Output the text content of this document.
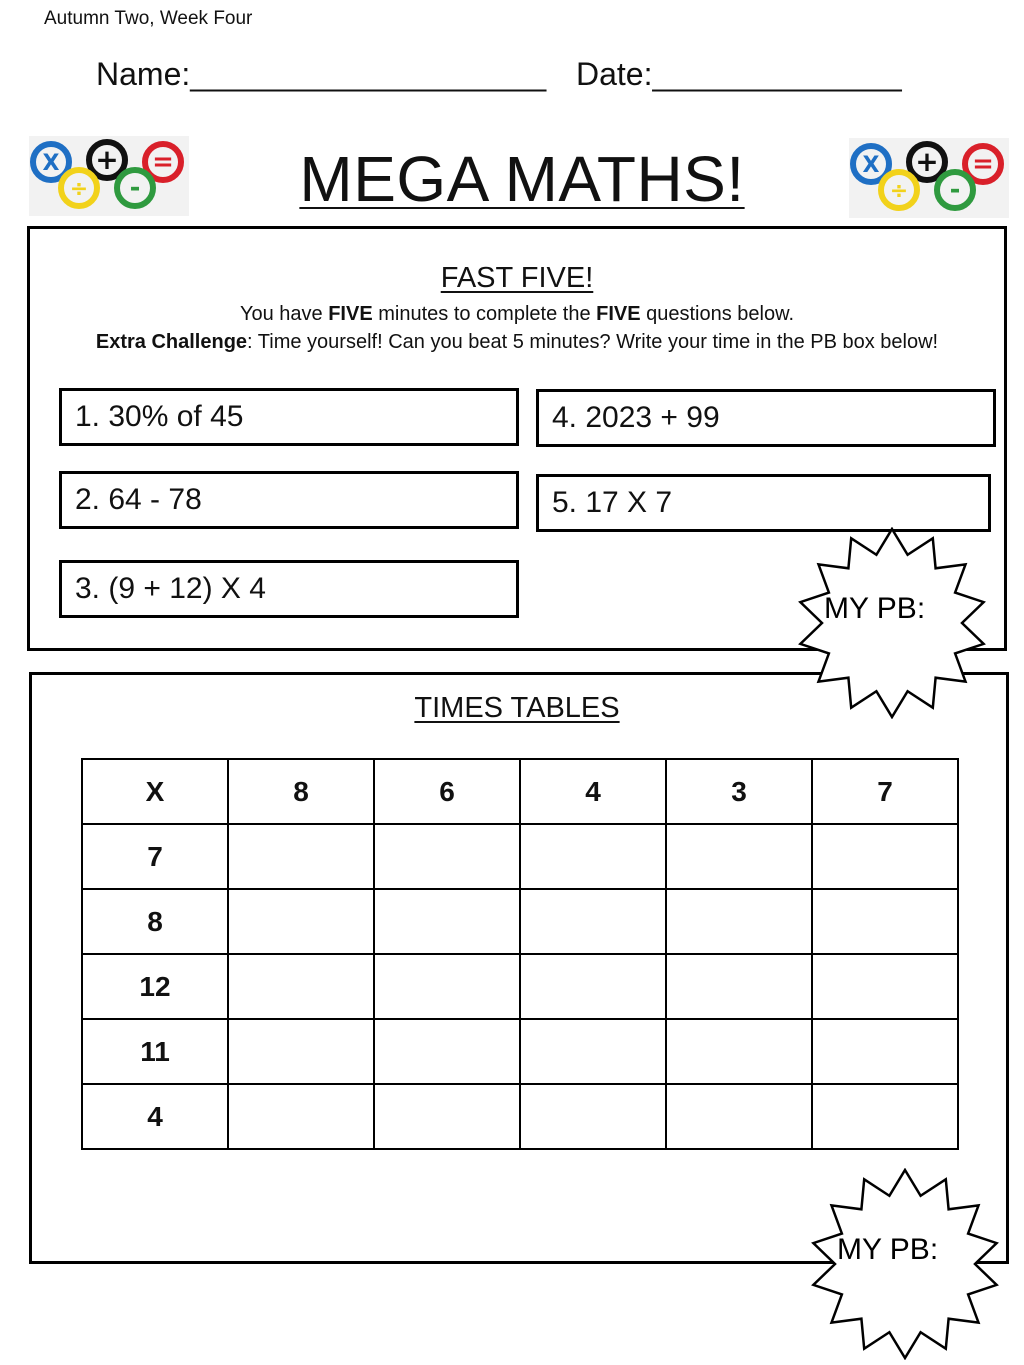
Autumn Two, Week Four
Name:____________________ Date:______________
MEGA MATHS!
X
÷
+
-
=	X
÷
+
-
=
FAST FIVE!
You have FIVE minutes to complete the FIVE questions below.
Extra Challenge: Time yourself! Can you beat 5 minutes? Write your time in the PB box below!
1. 30% of 45
2. 64 - 78
3. (9 + 12) X 4
4. 2023 + 99
5. 17 X 7
TIMES TABLES
X	8	6	4	3	7
7					
8					
12					
11					
4					
MY PB:
MY PB:
